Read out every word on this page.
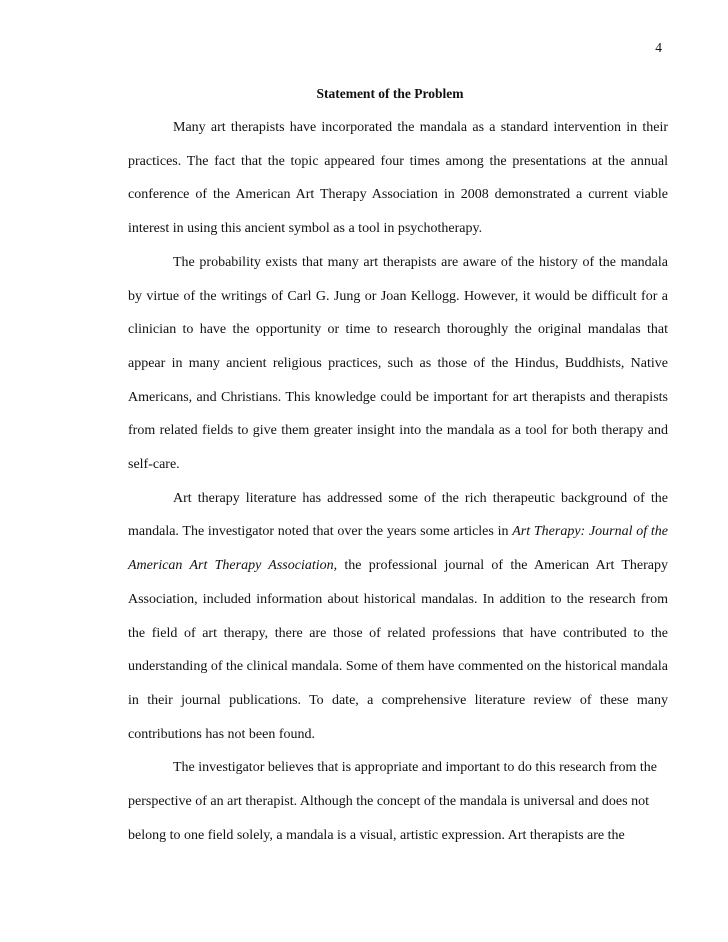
4
Statement of the Problem

Many art therapists have incorporated the mandala as a standard intervention in their practices. The fact that the topic appeared four times among the presentations at the annual conference of the American Art Therapy Association in 2008 demonstrated a current viable interest in using this ancient symbol as a tool in psychotherapy.

The probability exists that many art therapists are aware of the history of the mandala by virtue of the writings of Carl G. Jung or Joan Kellogg. However, it would be difficult for a clinician to have the opportunity or time to research thoroughly the original mandalas that appear in many ancient religious practices, such as those of the Hindus, Buddhists, Native Americans, and Christians. This knowledge could be important for art therapists and therapists from related fields to give them greater insight into the mandala as a tool for both therapy and self-care.

Art therapy literature has addressed some of the rich therapeutic background of the mandala. The investigator noted that over the years some articles in Art Therapy: Journal of the American Art Therapy Association, the professional journal of the American Art Therapy Association, included information about historical mandalas. In addition to the research from the field of art therapy, there are those of related professions that have contributed to the understanding of the clinical mandala. Some of them have commented on the historical mandala in their journal publications. To date, a comprehensive literature review of these many contributions has not been found.

The investigator believes that is appropriate and important to do this research from the perspective of an art therapist. Although the concept of the mandala is universal and does not belong to one field solely, a mandala is a visual, artistic expression. Art therapists are the
